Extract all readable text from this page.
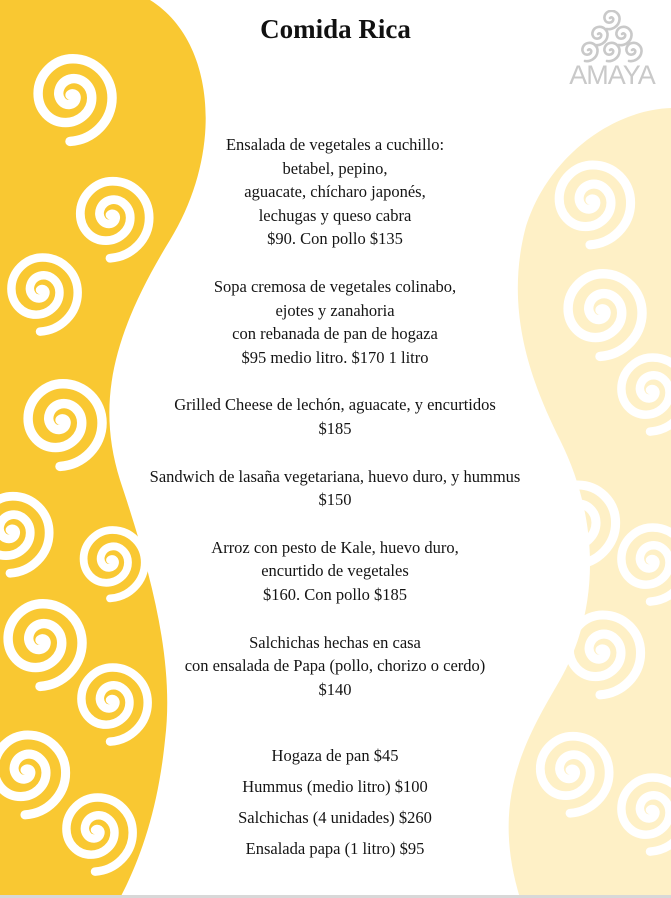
AMAYA
Comida Rica
Ensalada de vegetales a cuchillo:
betabel, pepino,
aguacate, chícharo japonés,
lechugas y queso cabra
$90. Con pollo $135
Sopa cremosa de vegetales colinabo,
ejotes y zanahoria
con rebanada de pan de hogaza
$95 medio litro. $170 1 litro
Grilled Cheese de lechón, aguacate, y encurtidos
$185
Sandwich de lasaña vegetariana, huevo duro, y hummus
$150
Arroz con pesto de Kale, huevo duro,
encurtido de vegetales
$160. Con pollo $185
Salchichas hechas en casa
con ensalada de Papa (pollo, chorizo o cerdo)
$140
Hogaza de pan $45
Hummus (medio litro) $100
Salchichas (4 unidades) $260
Ensalada papa (1 litro) $95
